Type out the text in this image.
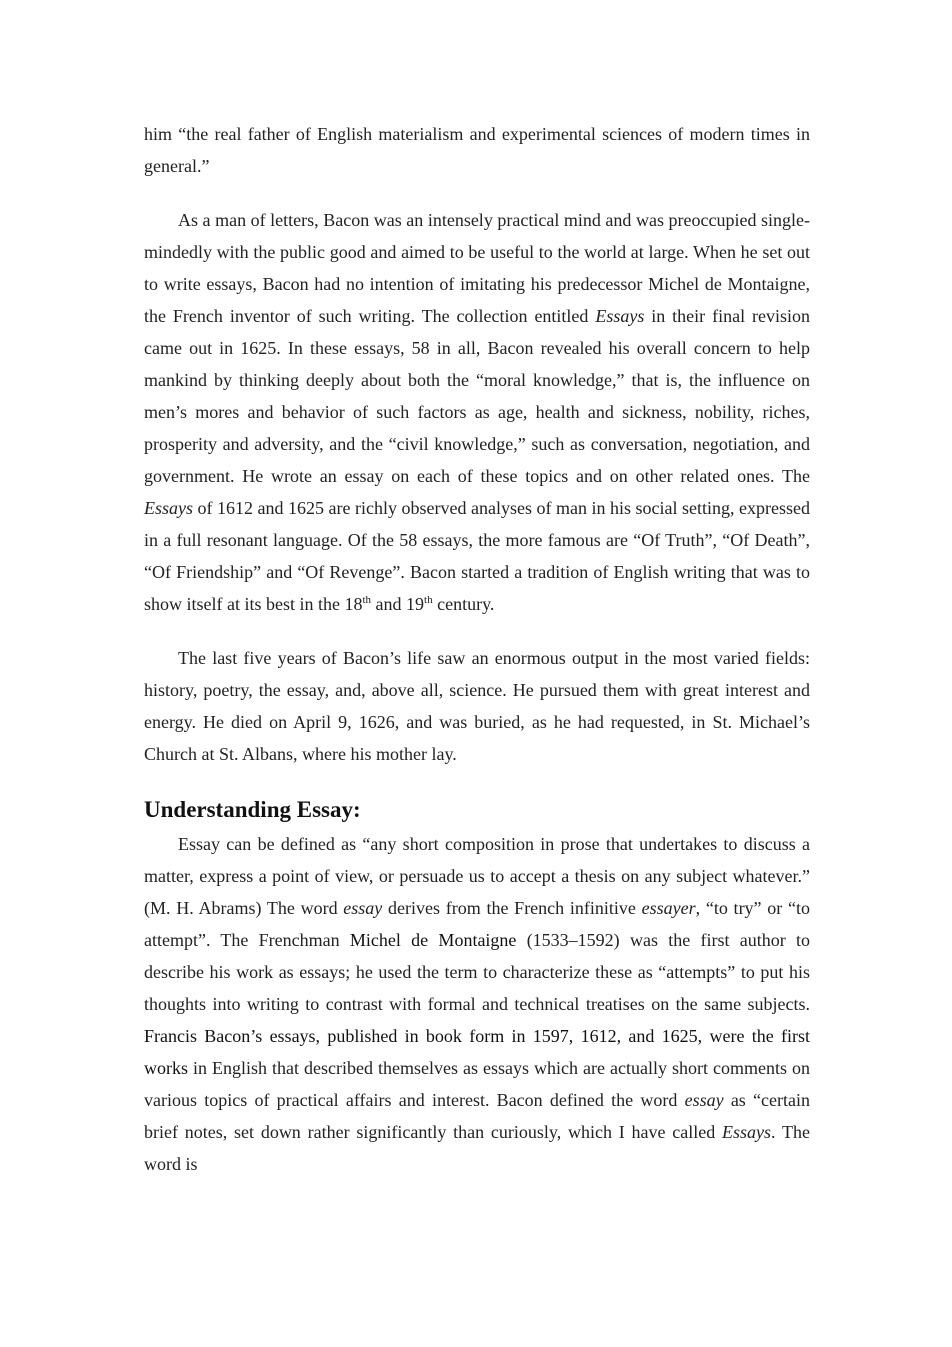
him “the real father of English materialism and experimental sciences of modern times in general.”

As a man of letters, Bacon was an intensely practical mind and was preoccupied single-mindedly with the public good and aimed to be useful to the world at large. When he set out to write essays, Bacon had no intention of imitating his predecessor Michel de Montaigne, the French inventor of such writing. The collection entitled Essays in their final revision came out in 1625. In these essays, 58 in all, Bacon revealed his overall concern to help mankind by thinking deeply about both the “moral knowledge,” that is, the influence on men’s mores and behavior of such factors as age, health and sickness, nobility, riches, prosperity and adversity, and the “civil knowledge,” such as conversation, negotiation, and government. He wrote an essay on each of these topics and on other related ones. The Essays of 1612 and 1625 are richly observed analyses of man in his social setting, expressed in a full resonant language. Of the 58 essays, the more famous are “Of Truth”, “Of Death”, “Of Friendship” and “Of Revenge”. Bacon started a tradition of English writing that was to show itself at its best in the 18th and 19th century.

The last five years of Bacon’s life saw an enormous output in the most varied fields: history, poetry, the essay, and, above all, science. He pursued them with great interest and energy. He died on April 9, 1626, and was buried, as he had requested, in St. Michael’s Church at St. Albans, where his mother lay.

Understanding Essay:

Essay can be defined as “any short composition in prose that undertakes to discuss a matter, express a point of view, or persuade us to accept a thesis on any subject whatever.” (M. H. Abrams) The word essay derives from the French infinitive essayer, “to try” or “to attempt”. The Frenchman Michel de Montaigne (1533–1592) was the first author to describe his work as essays; he used the term to characterize these as “attempts” to put his thoughts into writing to contrast with formal and technical treatises on the same subjects. Francis Bacon’s essays, published in book form in 1597, 1612, and 1625, were the first works in English that described themselves as essays which are actually short comments on various topics of practical affairs and interest. Bacon defined the word essay as “certain brief notes, set down rather significantly than curiously, which I have called Essays. The word is
